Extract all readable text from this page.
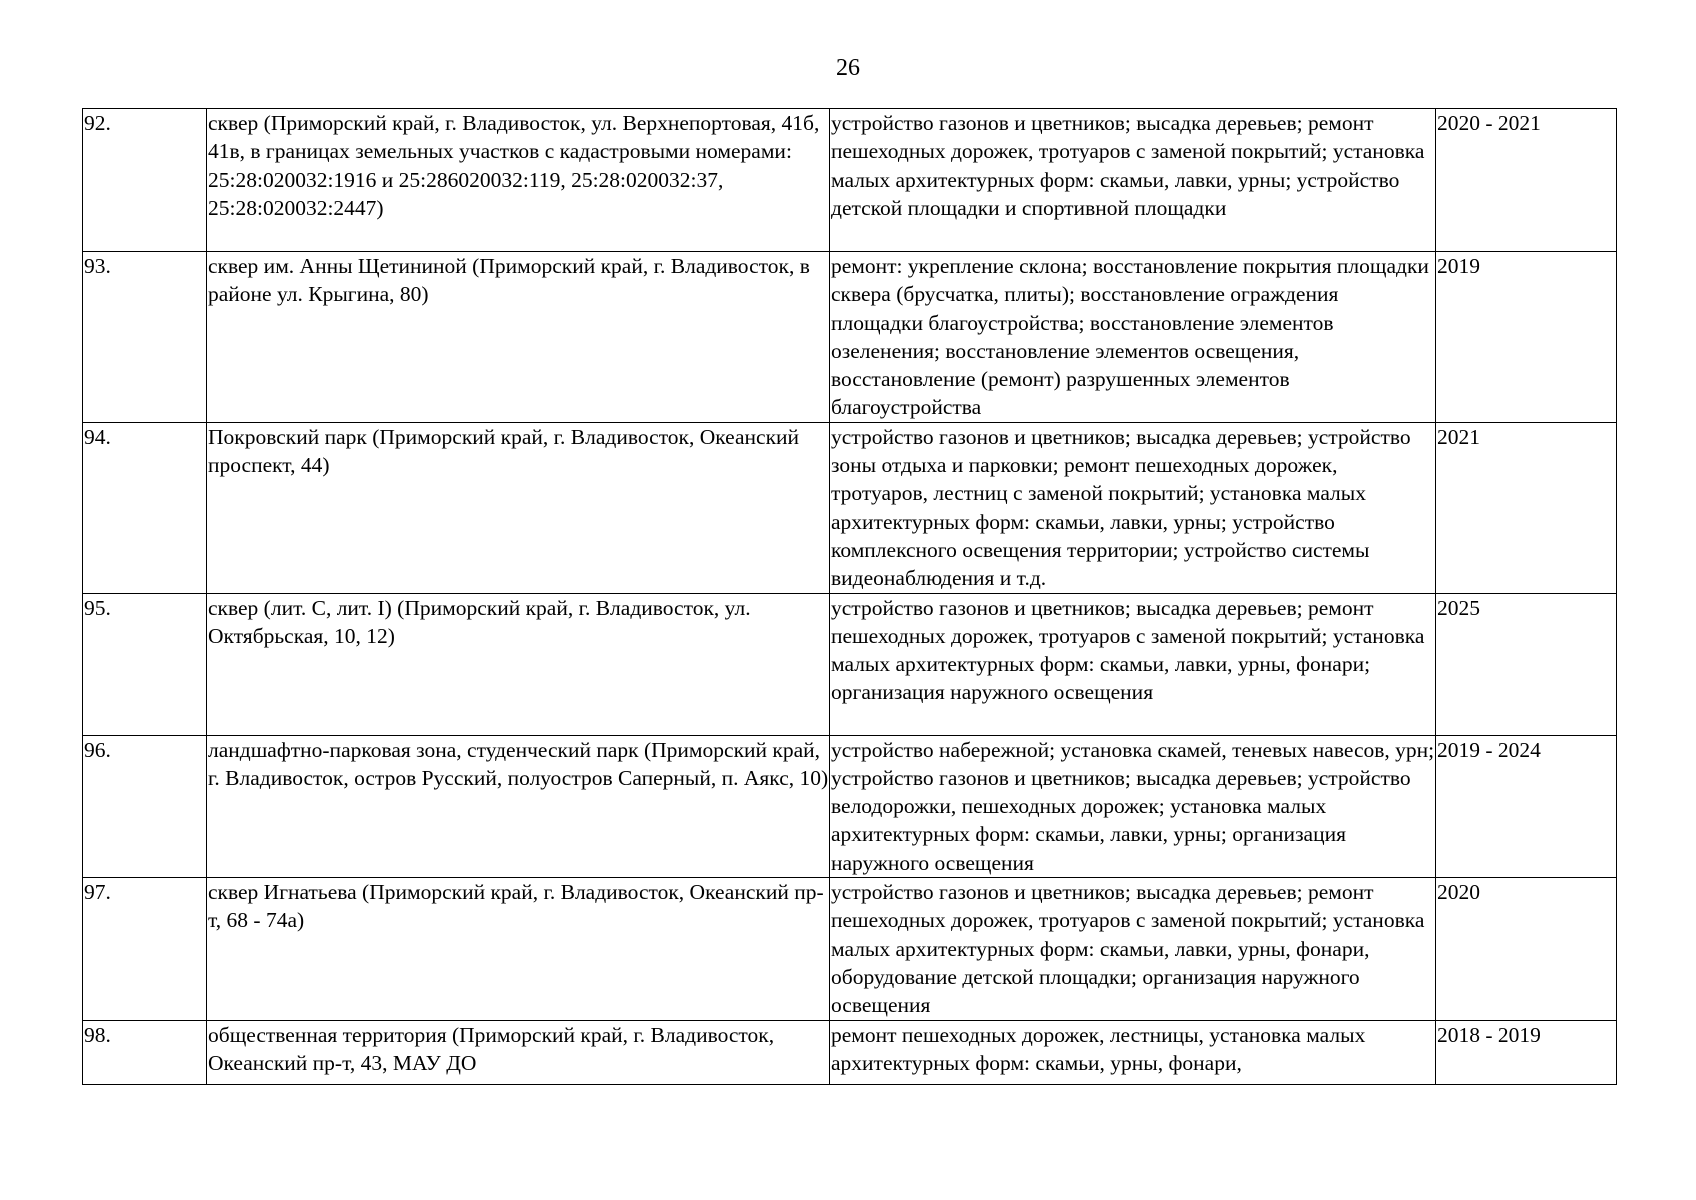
26
92.	сквер (Приморский край, г. Владивосток, ул. Верхнепортовая, 41б, 41в, в границах земельных участков с кадастровыми номерами: 25:28:020032:1916 и 25:286020032:119, 25:28:020032:37, 25:28:020032:2447)	устройство газонов и цветников; высадка деревьев; ремонт пешеходных дорожек, тротуаров с заменой покрытий; установка малых архитектурных форм: скамьи, лавки, урны; устройство детской площадки и спортивной площадки	2020 - 2021
93.	сквер им. Анны Щетининой (Приморский край, г. Владивосток, в районе ул. Крыгина, 80)	ремонт: укрепление склона; восстановление покрытия площадки сквера (брусчатка, плиты); восстановление ограждения площадки благоустройства; восстановление элементов озеленения; восстановление элементов освещения, восстановление (ремонт) разрушенных элементов благоустройства	2019
94.	Покровский парк (Приморский край, г. Владивосток, Океанский проспект, 44)	устройство газонов и цветников; высадка деревьев; устройство зоны отдыха и парковки; ремонт пешеходных дорожек, тротуаров, лестниц с заменой покрытий; установка малых архитектурных форм: скамьи, лавки, урны; устройство комплексного освещения территории; устройство системы видеонаблюдения и т.д.	2021
95.	сквер (лит. С, лит. I) (Приморский край, г. Владивосток, ул. Октябрьская, 10, 12)	устройство газонов и цветников; высадка деревьев; ремонт пешеходных дорожек, тротуаров с заменой покрытий; установка малых архитектурных форм: скамьи, лавки, урны, фонари; организация наружного освещения	2025
96.	ландшафтно-парковая зона, студенческий парк (Приморский край, г. Владивосток, остров Русский, полуостров Саперный, п. Аякс, 10)	устройство набережной; установка скамей, теневых навесов, урн; устройство газонов и цветников; высадка деревьев; устройство велодорожки, пешеходных дорожек; установка малых архитектурных форм: скамьи, лавки, урны; организация наружного освещения	2019 - 2024
97.	сквер Игнатьева (Приморский край, г. Владивосток, Океанский пр-т, 68 - 74а)	устройство газонов и цветников; высадка деревьев; ремонт пешеходных дорожек, тротуаров с заменой покрытий; установка малых архитектурных форм: скамьи, лавки, урны, фонари, оборудование детской площадки; организация наружного освещения	2020
98.	общественная территория (Приморский край, г. Владивосток, Океанский пр-т, 43, МАУ ДО	ремонт пешеходных дорожек, лестницы, установка малых архитектурных форм: скамьи, урны, фонари,	2018 - 2019
